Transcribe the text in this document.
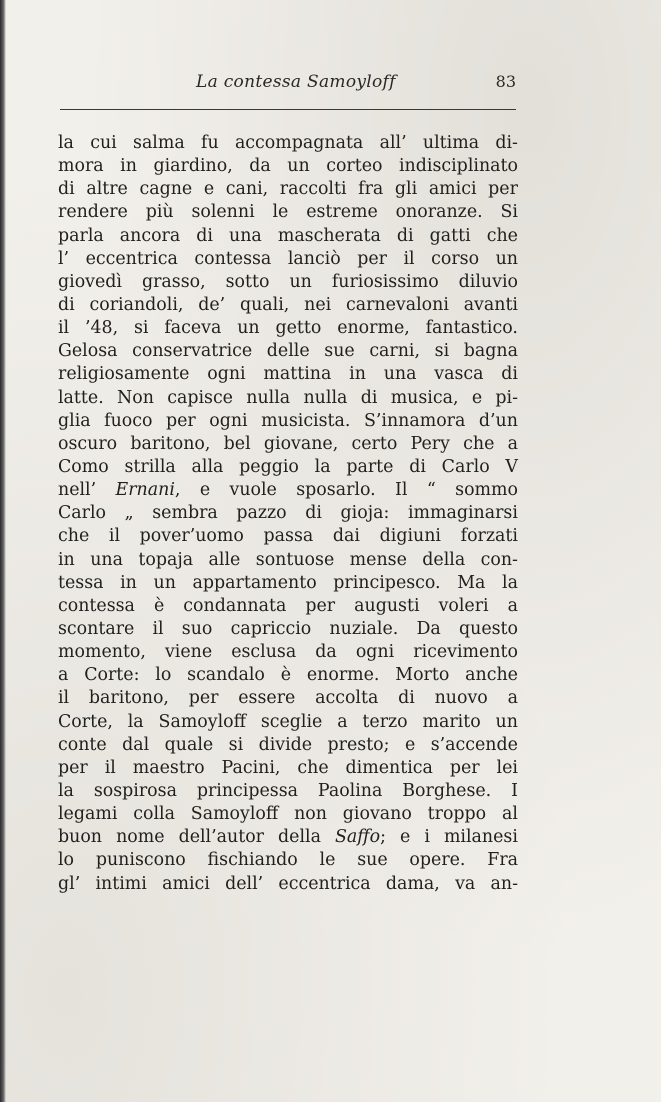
La contessa Samoyloff	83
la cui salma fu accompagnata all’ ultima di-
mora in giardino, da un corteo indisciplinato
di altre cagne e cani, raccolti fra gli amici per
rendere più solenni le estreme onoranze. Si
parla ancora di una mascherata di gatti che
l’ eccentrica contessa lanciò per il corso un
giovedì grasso, sotto un furiosissimo diluvio
di coriandoli, de’ quali, nei carnevaloni avanti
il ’48, si faceva un getto enorme, fantastico.
Gelosa conservatrice delle sue carni, si bagna
religiosamente ogni mattina in una vasca di
latte. Non capisce nulla nulla di musica, e pi-
glia fuoco per ogni musicista. S’innamora d’un
oscuro baritono, bel giovane, certo Pery che a
Como strilla alla peggio la parte di Carlo V
nell’ Ernani, e vuole sposarlo. Il “ sommo
Carlo „ sembra pazzo di gioja: immaginarsi
che il pover’uomo passa dai digiuni forzati
in una topaja alle sontuose mense della con-
tessa in un appartamento principesco. Ma la
contessa è condannata per augusti voleri a
scontare il suo capriccio nuziale. Da questo
momento, viene esclusa da ogni ricevimento
a Corte: lo scandalo è enorme. Morto anche
il baritono, per essere accolta di nuovo a
Corte, la Samoyloff sceglie a terzo marito un
conte dal quale si divide presto; e s’accende
per il maestro Pacini, che dimentica per lei
la sospirosa principessa Paolina Borghese. I
legami colla Samoyloff non giovano troppo al
buon nome dell’autor della Saffo; e i milanesi
lo puniscono fischiando le sue opere. Fra
gl’ intimi amici dell’ eccentrica dama, va an-
